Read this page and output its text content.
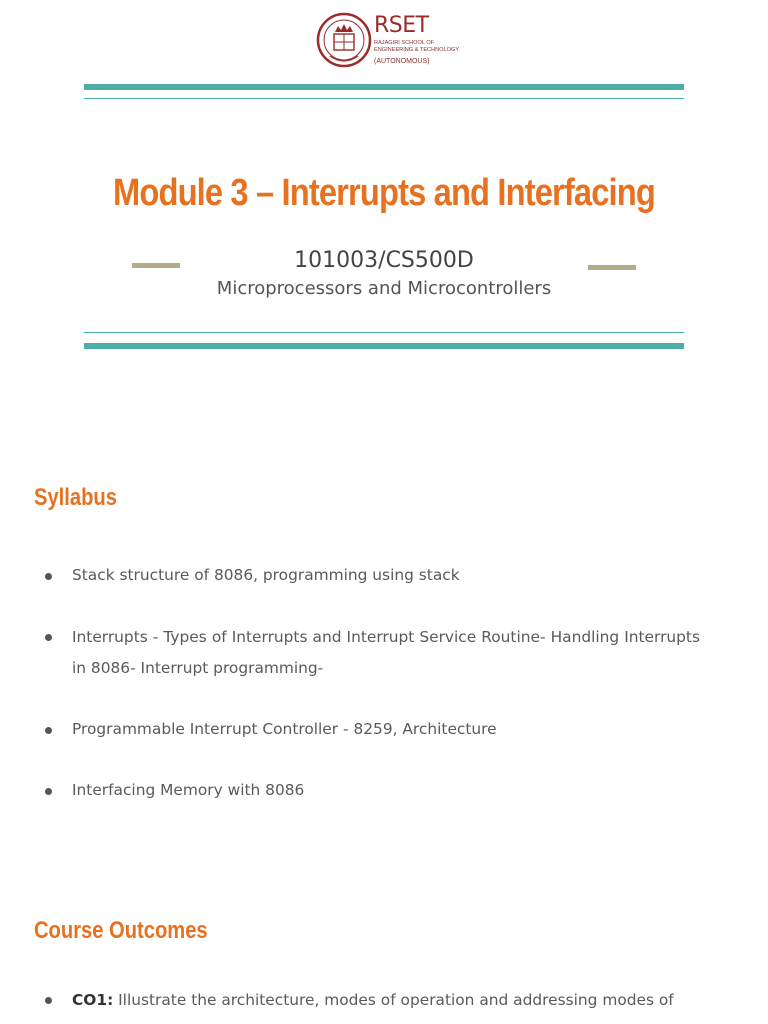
RSET
RAJAGIRI SCHOOL OF
ENGINEERING & TECHNOLOGY
(AUTONOMOUS)
Module 3 – Interrupts and Interfacing
101003/CS500D
Microprocessors and Microcontrollers
Syllabus
Stack structure of 8086, programming using stack
Interrupts - Types of Interrupts and Interrupt Service Routine- Handling Interrupts in 8086- Interrupt programming-
Programmable Interrupt Controller - 8259, Architecture
Interfacing Memory with 8086
Course Outcomes
CO1: Illustrate the architecture, modes of operation and addressing modes of
